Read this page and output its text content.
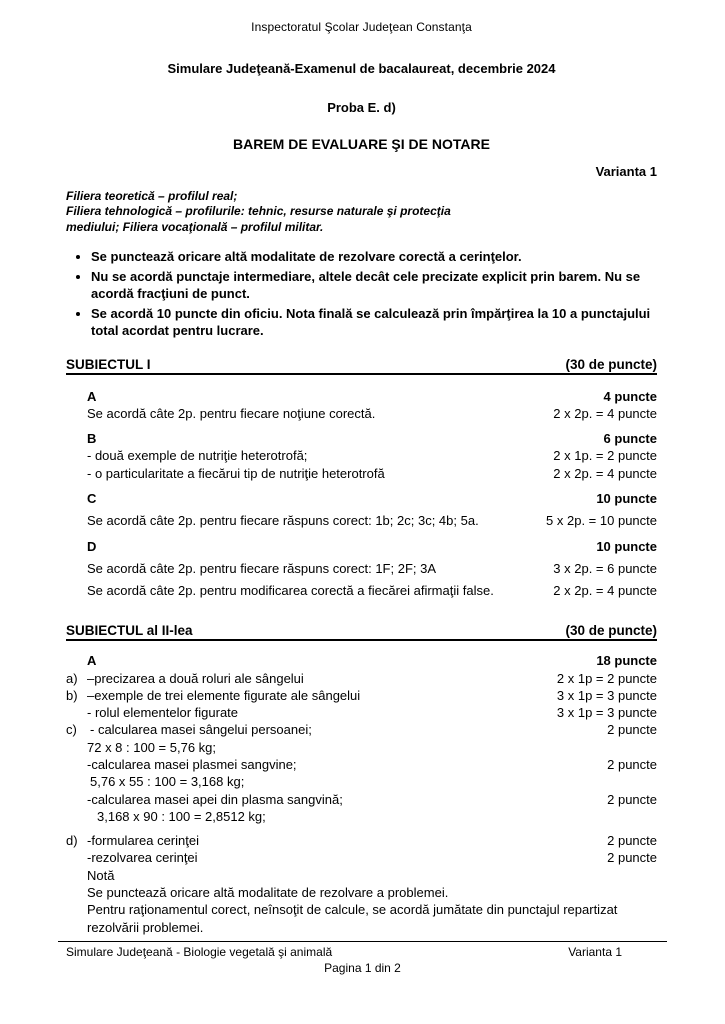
Inspectoratul Şcolar Judeţean Constanţa
Simulare Judeţeană-Examenul de bacalaureat, decembrie 2024
Proba E. d)
BAREM DE EVALUARE ŞI DE NOTARE
Varianta 1
Filiera teoretică – profilul real;
Filiera tehnologică – profilurile: tehnic, resurse naturale şi protecţia
mediului; Filiera vocaţională – profilul militar.
• Se punctează oricare altă modalitate de rezolvare corectă a cerinţelor.
• Nu se acordă punctaje intermediare, altele decât cele precizate explicit prin barem. Nu se acordă fracţiuni de punct.
• Se acordă 10 puncte din oficiu. Nota finală se calculează prin împărţirea la 10 a punctajului total acordat pentru lucrare.
SUBIECTUL I	(30 de puncte)
A	4 puncte
Se acordă câte 2p. pentru fiecare noţiune corectă.	2 x 2p. = 4 puncte
B	6 puncte
- două exemple de nutriţie heterotrofă;	2 x 1p. = 2 puncte
- o particularitate a fiecărui tip de nutriţie heterotrofă	2 x 2p. = 4 puncte
C	10 puncte
Se acordă câte 2p. pentru fiecare răspuns corect: 1b; 2c; 3c; 4b; 5a.	5 x 2p. = 10 puncte
D	10 puncte
Se acordă câte 2p. pentru fiecare răspuns corect: 1F; 2F; 3A	3 x 2p. = 6 puncte
Se acordă câte 2p. pentru modificarea corectă a fiecărei afirmaţii false.	2 x 2p. = 4 puncte
SUBIECTUL al II-lea	(30 de puncte)
A	18 puncte
a) –precizarea a două roluri ale sângelui	2 x 1p = 2 puncte
b) –exemple de trei elemente figurate ale sângelui	3 x 1p = 3 puncte
- rolul elementelor figurate	3 x 1p = 3 puncte
c)	- calcularea masei sângelui persoanei;	2 puncte
72 x 8 : 100 = 5,76 kg;
-calcularea masei plasmei sangvine;	2 puncte
5,76 x 55 : 100 = 3,168 kg;
-calcularea masei apei din plasma sangvină;	2 puncte
3,168 x 90 : 100 = 2,8512 kg;
d) -formularea cerinţei	2 puncte
-rezolvarea cerinţei	2 puncte
Notă
Se punctează oricare altă modalitate de rezolvare a problemei.
Pentru raţionamentul corect, neînsoţit de calcule, se acordă jumătate din punctajul repartizat rezolvării problemei.
Simulare Judeţeană - Biologie vegetală şi animală	Varianta 1
Pagina 1 din 2
